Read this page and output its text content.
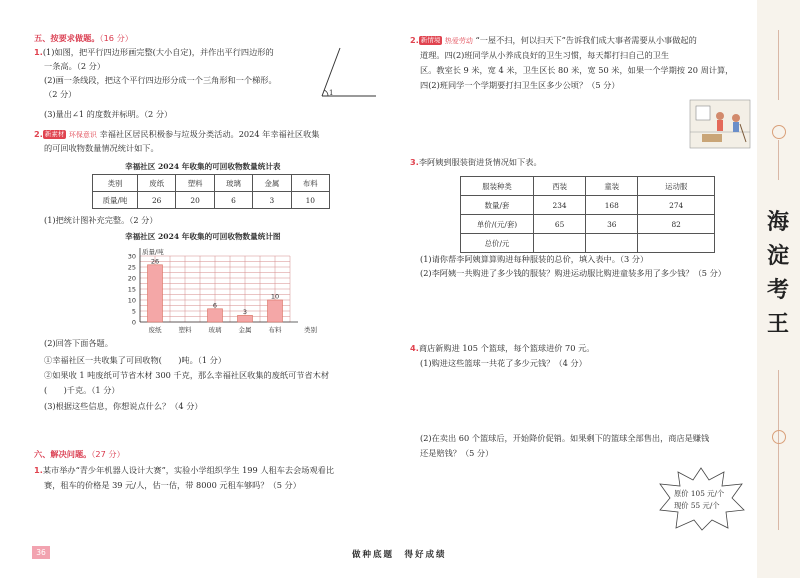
五、按要求做题。（16 分）
1.(1)如图，把平行四边形画完整(大小自定)，并作出平行四边形的
一条高。（2 分）
(2)画一条线段，把这个平行四边形分成一个三角形和一个梯形。
（2 分）
(3)量出∠1 的度数并标明。（2 分）
1
2. 新素材 环保意识 幸福社区居民积极参与垃圾分类活动。2024 年幸福社区收集
的可回收物数量情况统计如下。
幸福社区 2024 年收集的可回收物数量统计表
类别	废纸	塑料	玻璃	金属	布料
质量/吨	26	20	6	3	10
(1)把统计图补充完整。（2 分）
幸福社区 2024 年收集的可回收物数量统计图
0
5
10
15
20
25
30
质量/吨
类别
26
废纸	塑料
6
玻璃
3
金属
10
布料
(2)回答下面各题。
①幸福社区一共收集了可回收物(　　)吨。（1 分）
②如果收 1 吨废纸可节省木材 300 千克，那么幸福社区收集的废纸可节省木材
(　　)千克。（1 分）
(3)根据这些信息，你想说点什么？（4 分）
六、解决问题。（27 分）
1.某市举办“青少年机器人设计大赛”，实验小学组织学生 199 人租车去会场观看比
赛，租车的价格是 39 元/人，估一估，带 8000 元租车够吗？（5 分）
2. 新情境 热爱劳动 “一屋不扫，何以扫天下”告诉我们成大事者需要从小事做起的
道理。四(2)班同学从小养成良好的卫生习惯，每天都打扫自己的卫生
区。教室长 9 米，宽 4 米，卫生区长 80 米，宽 50 米，如果一个学期按 20 周计算，
四(2)班同学一个学期要打扫卫生区多少公顷？（5 分）
3.李阿姨到服装街进货情况如下表。
服装种类	西装	童装	运动服
数量/套	234	168	274
单价/(元/套)	65	36	82
总价/元			
(1)请你帮李阿姨算算购进每种服装的总价，填入表中。（3 分）
(2)李阿姨一共购进了多少钱的服装？购进运动服比购进童装多用了多少钱？（5 分）
4.商店新购进 105 个篮球，每个篮球进价 70 元。
(1)购进这些篮球一共花了多少元钱？（4 分）
(2)在卖出 60 个篮球后，开始降价促销。如果剩下的篮球全部售出，商店是赚钱
还是赔钱？（5 分）
原价 105 元/个
现价 55 元/个
海
淀
考
王
36	做种底题　得好成绩
